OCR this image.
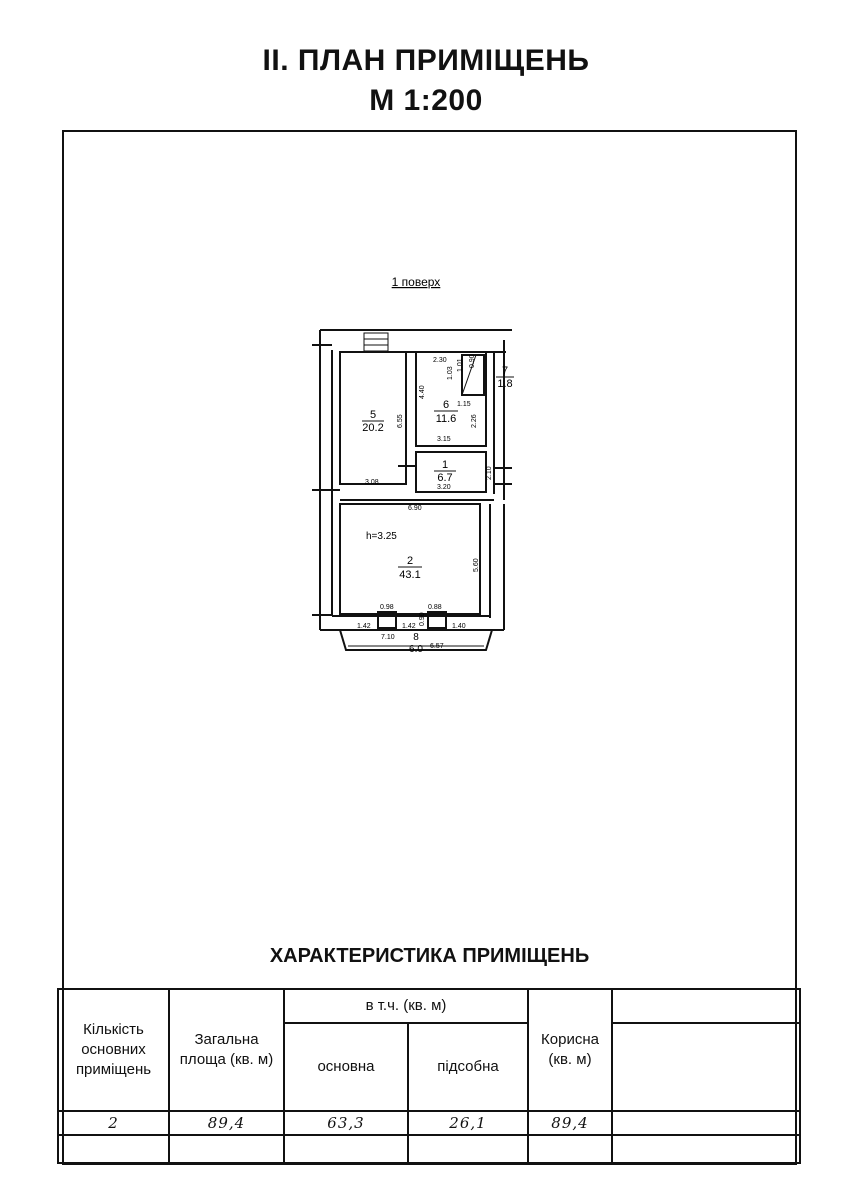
ІІ. ПЛАН ПРИМІЩЕНЬ
М 1:200
1 поверх
h=3.25
5
20.2
6
11.6
7
1.8
1
6.7
2
43.1
8
6.0
2.30
4.40
6.55
1.03
1.01 0.90
1.15
2.26
3.15
2.10
3.20
3.08
6.90
5.60
0.98	0.88
1.42	1.42
0.90
1.40
7.10
6.57
ХАРАКТЕРИСТИКА ПРИМІЩЕНЬ
Кількість основних приміщень	Загальна площа (кв. м)	в т.ч. (кв. м)		Корисна (кв. м)	
		основна	підсобна		
2	89,4	63,3	26,1	89,4	
